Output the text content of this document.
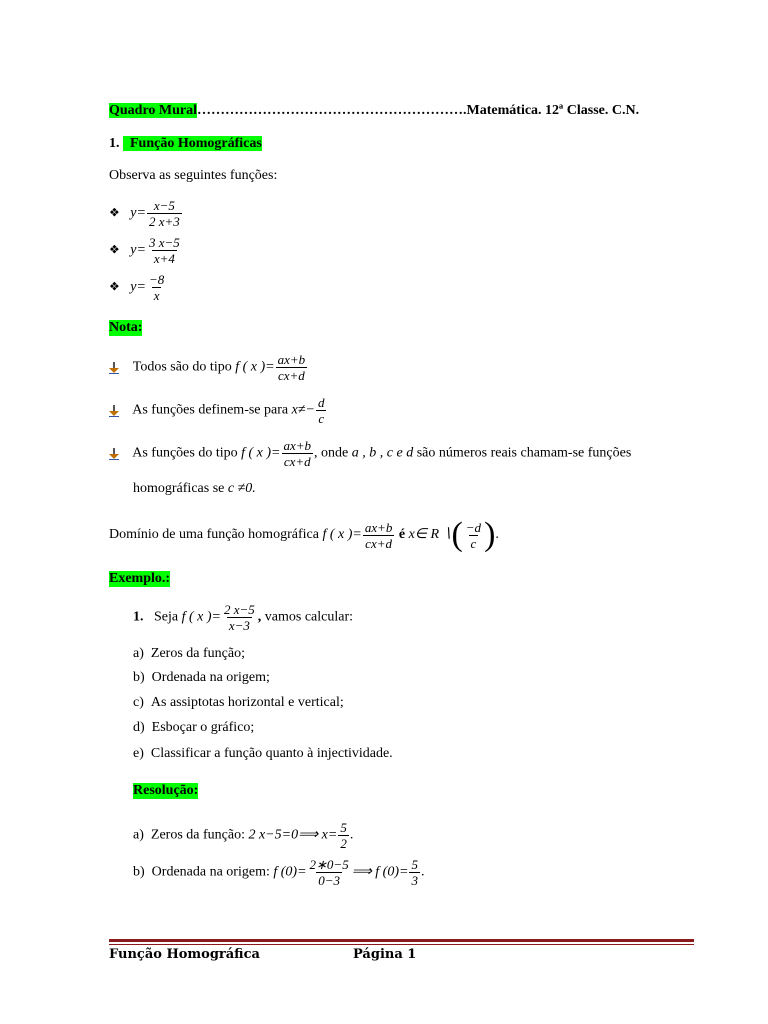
Quadro Mural………………………………………………….Matemática. 12ª Classe. C.N.
1. Função Homográficas
Observa as seguintes funções:
❖ $y= \frac{x-5}{2 x+3}$
❖ $y= \frac{3 x-5}{x+4}$
❖ $y= \frac{-8}{x}$
Nota:
Todos são do tipo f ( x )= $\frac{ax+b}{cx+d}$
As funções definem-se para $x\ne- \frac{d}{c}$
As funções do tipo f ( x )= $\frac{ax+b}{cx+d}$ , onde a , b , c e d são números reais chamam-se funções
homográficas se c ≠0.
Domínio de uma função homográfica f ( x )= $\frac{ax+b}{cx+d}$ é x∈ R ∖( $\frac{-d}{c}$ ).
Exemplo.:
1. Seja f ( x )= $\frac{2 x-5}{x-3}$ , vamos calcular:
a) Zeros da função;
b) Ordenada na origem;
c) As assiptotas horizontal e vertical;
d) Esboçar o gráfico;
e) Classificar a função quanto à injectividade.
Resolução:
a) Zeros da função: 2 x−5=0⟹ $x= \frac{5}{2}$ .
b) Ordenada na origem: f $(0)= \frac{2∗0-5}{0-3}$ ⟹ f $(0)= \frac{5}{3}$ .
Função Homográfica	Página 1
